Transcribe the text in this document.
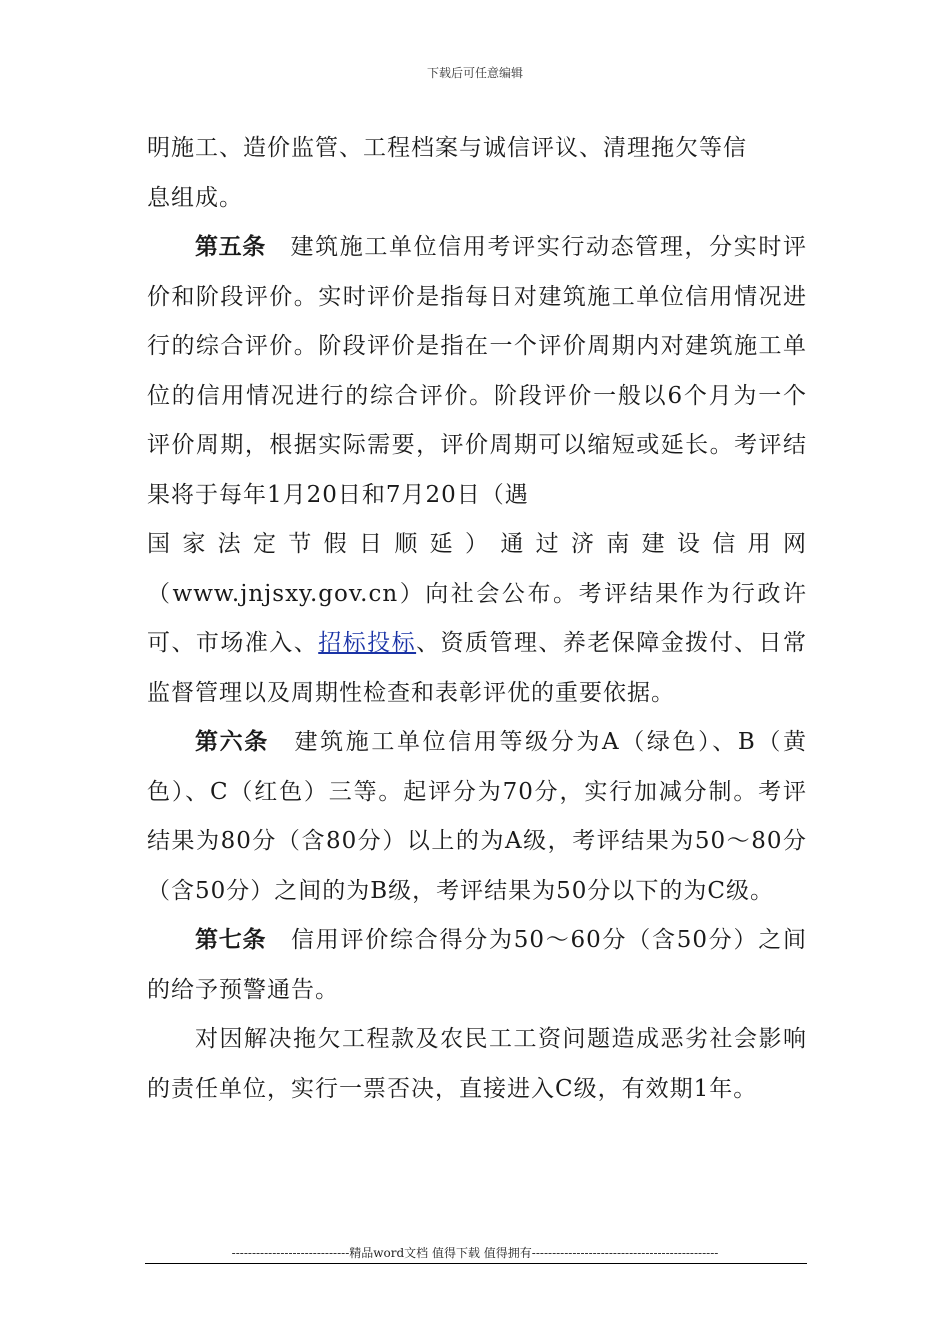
下载后可任意编辑

明施工、造价监管、工程档案与诚信评议、清理拖欠等信
息组成。

第五条　建筑施工单位信用考评实行动态管理，分实时评价和阶段评价。实时评价是指每日对建筑施工单位信用情况进行的综合评价。阶段评价是指在一个评价周期内对建筑施工单位的信用情况进行的综合评价。阶段评价一般以6个月为一个评价周期，根据实际需要，评价周期可以缩短或延长。考评结果将于每年1月20日和7月20日（遇

国家法定节假日顺延）通过济南建设信用网

（www.jnjsxy.gov.cn）向社会公布。考评结果作为行政许可、市场准入、招标投标、资质管理、养老保障金拨付、日常监督管理以及周期性检查和表彰评优的重要依据。

第六条　建筑施工单位信用等级分为A（绿色）、B（黄色）、C（红色）三等。起评分为70分，实行加减分制。考评结果为80分（含80分）以上的为A级，考评结果为50～80分（含50分）之间的为B级，考评结果为50分以下的为C级。

第七条　信用评价综合得分为50～60分（含50分）之间的给予预警通告。

对因解决拖欠工程款及农民工工资问题造成恶劣社会影响的责任单位，实行一票否决，直接进入C级，有效期1年。

-----------------------------精品word文档 值得下载 值得拥有----------------------------------------------
